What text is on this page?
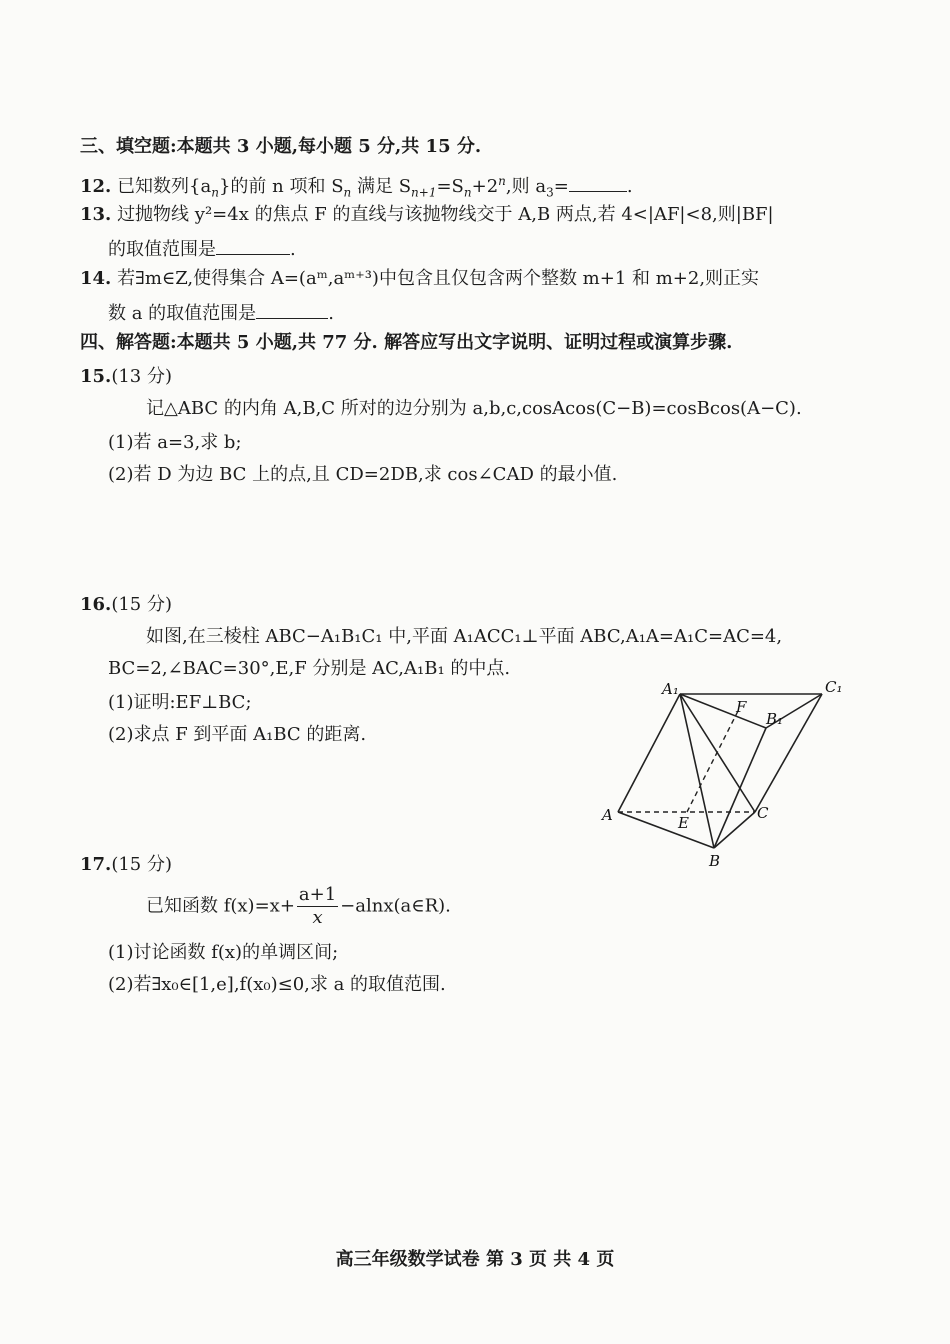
三、填空题:本题共 3 小题,每小题 5 分,共 15 分.
12. 已知数列$\{a_n\}$的前 n 项和 $S_n$ 满足 $S_{n+1}=S_n+2^n$,则 $a_3=$	.
13. 过抛物线 y²=4x 的焦点 F 的直线与该抛物线交于 A,B 两点,若 4<|AF|<8,则|BF|
的取值范围是	.
14. 若∃m∈Z,使得集合 A=(aᵐ,aᵐ⁺³)中包含且仅包含两个整数 m+1 和 m+2,则正实
数 a 的取值范围是	.
四、解答题:本题共 5 小题,共 77 分. 解答应写出文字说明、证明过程或演算步骤.
15.(13 分)
记△ABC 的内角 A,B,C 所对的边分别为 a,b,c,cosAcos(C−B)=cosBcos(A−C).
(1)若 a=3,求 b;
(2)若 D 为边 BC 上的点,且 CD=2DB,求 cos∠CAD 的最小值.
16.(15 分)
如图,在三棱柱 ABC−A₁B₁C₁ 中,平面 A₁ACC₁⊥平面 ABC,A₁A=A₁C=AC=4,
BC=2,∠BAC=30°,E,F 分别是 AC,A₁B₁ 的中点.
(1)证明:EF⊥BC;
(2)求点 F 到平面 A₁BC 的距离.
A₁	C₁
F
B₁
A	E
C
B
17.(15 分)
已知函数 $f(x)=x+ \frac{a+1}{x}$ −alnx(a∈R).
(1)讨论函数 f(x)的单调区间;
(2)若∃x₀∈[1,e],f(x₀)≤0,求 a 的取值范围.
高三年级数学试卷 第 3 页 共 4 页
